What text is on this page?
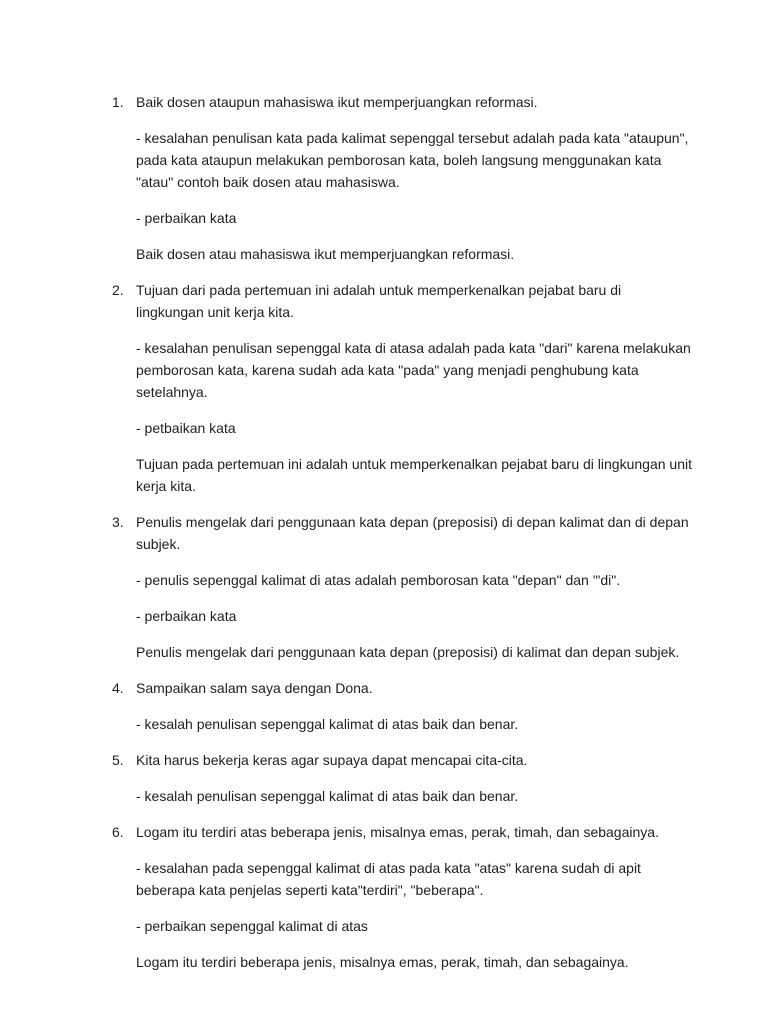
1. Baik dosen ataupun mahasiswa ikut memperjuangkan reformasi.

- kesalahan penulisan kata pada kalimat sepenggal tersebut adalah pada kata "ataupun", pada kata ataupun melakukan pemborosan kata, boleh langsung menggunakan kata "atau" contoh baik dosen atau mahasiswa.

- perbaikan kata

Baik dosen atau mahasiswa ikut memperjuangkan reformasi.

2. Tujuan dari pada pertemuan ini adalah untuk memperkenalkan pejabat baru di lingkungan unit kerja kita.

- kesalahan penulisan sepenggal kata di atasa adalah pada kata "dari" karena melakukan pemborosan kata, karena sudah ada kata "pada" yang menjadi penghubung kata setelahnya.

- petbaikan kata

Tujuan pada pertemuan ini adalah untuk memperkenalkan pejabat baru di lingkungan unit kerja kita.

3. Penulis mengelak dari penggunaan kata depan (preposisi) di depan kalimat dan di depan subjek.

- penulis sepenggal kalimat di atas adalah pemborosan kata "depan" dan '"di".

- perbaikan kata

Penulis mengelak dari penggunaan kata depan (preposisi) di kalimat dan depan subjek.

4. Sampaikan salam saya dengan Dona.

- kesalah penulisan sepenggal kalimat di atas baik dan benar.

5. Kita harus bekerja keras agar supaya dapat mencapai cita-cita.

- kesalah penulisan sepenggal kalimat di atas baik dan benar.

6. Logam itu terdiri atas beberapa jenis, misalnya emas, perak, timah, dan sebagainya.

- kesalahan pada sepenggal kalimat di atas pada kata "atas" karena sudah di apit beberapa kata penjelas seperti kata"terdiri", "beberapa".

- perbaikan sepenggal kalimat di atas

Logam itu terdiri beberapa jenis, misalnya emas, perak, timah, dan sebagainya.
